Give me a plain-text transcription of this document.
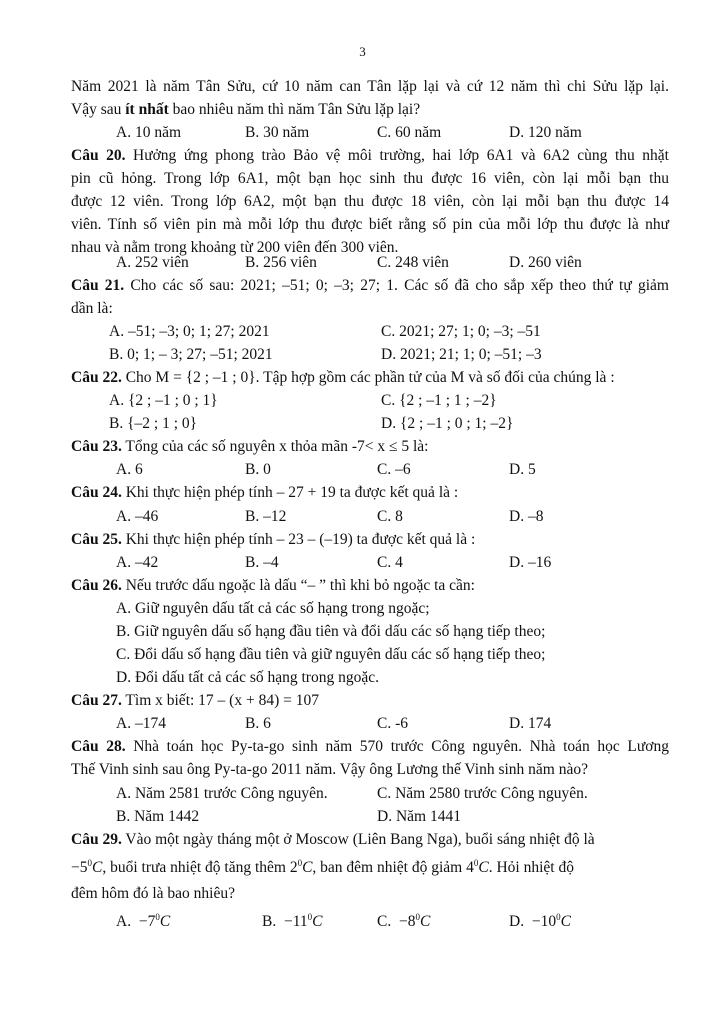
3
Năm 2021 là năm Tân Sửu, cứ 10 năm can Tân lặp lại và cứ 12 năm thì chi Sửu lặp lại.
Vậy sau ít nhất bao nhiêu năm thì năm Tân Sửu lặp lại?
A. 10 năm	B. 30 năm	C. 60 năm	D. 120 năm
Câu 20. Hưởng ứng phong trào Bảo vệ môi trường, hai lớp 6A1 và 6A2 cùng thu nhặt
pin cũ hỏng. Trong lớp 6A1, một bạn học sinh thu được 16 viên, còn lại mỗi bạn thu
được 12 viên. Trong lớp 6A2, một bạn thu được 18 viên, còn lại mỗi bạn thu được 14
viên. Tính số viên pin mà mỗi lớp thu được biết rằng số pin của mỗi lớp thu được là như
nhau và nằm trong khoảng từ 200 viên đến 300 viên.
A. 252 viên	B. 256 viên	C. 248 viên	D. 260 viên
Câu 21. Cho các số sau: 2021; –51; 0; –3; 27; 1. Các số đã cho sắp xếp theo thứ tự giảm
dần là:
A. –51; –3; 0; 1; 27; 2021	C. 2021; 27; 1; 0; –3; –51
B. 0; 1; – 3; 27; –51; 2021	D. 2021; 21; 1; 0; –51; –3
Câu 22. Cho M = {2 ; –1 ; 0}. Tập hợp gồm các phần tử của M và số đối của chúng là :
A. {2 ; –1 ; 0 ; 1}	C. {2 ; –1 ; 1 ; –2}
B. {–2 ; 1 ; 0}	D. {2 ; –1 ; 0 ; 1; –2}
Câu 23. Tổng của các số nguyên x thỏa mãn -7< x ≤ 5 là:
A. 6	B. 0	C. –6	D. 5
Câu 24. Khi thực hiện phép tính – 27 + 19 ta được kết quả là :
A. –46	B. –12	C. 8	D. –8
Câu 25. Khi thực hiện phép tính – 23 – (–19) ta được kết quả là :
A. –42	B. –4	C. 4	D. –16
Câu 26. Nếu trước dấu ngoặc là dấu “– ” thì khi bỏ ngoặc ta cần:
A. Giữ nguyên dấu tất cả các số hạng trong ngoặc;
B. Giữ nguyên dấu số hạng đầu tiên và đổi dấu các số hạng tiếp theo;
C. Đổi dấu số hạng đầu tiên và giữ nguyên dấu các số hạng tiếp theo;
D. Đổi dấu tất cả các số hạng trong ngoặc.
Câu 27. Tìm x biết: 17 – (x + 84) = 107
A. –174	B. 6	C. -6	D. 174
Câu 28. Nhà toán học Py-ta-go sinh năm 570 trước Công nguyên. Nhà toán học Lương
Thế Vinh sinh sau ông Py-ta-go 2011 năm. Vậy ông Lương thế Vinh sinh năm nào?
A. Năm 2581 trước Công nguyên.	C. Năm 2580 trước Công nguyên.
B. Năm 1442	D. Năm 1441
Câu 29. Vào một ngày tháng một ở Moscow (Liên Bang Nga), buổi sáng nhiệt độ là
$-5^0C$, buổi trưa nhiệt độ tăng thêm $2^0C$, ban đêm nhiệt độ giảm $4^0C$. Hỏi nhiệt độ
đêm hôm đó là bao nhiêu?
A. $-7^0C$	B. $-11^0C$	C. $-8^0C$	D. $-10^0C$
